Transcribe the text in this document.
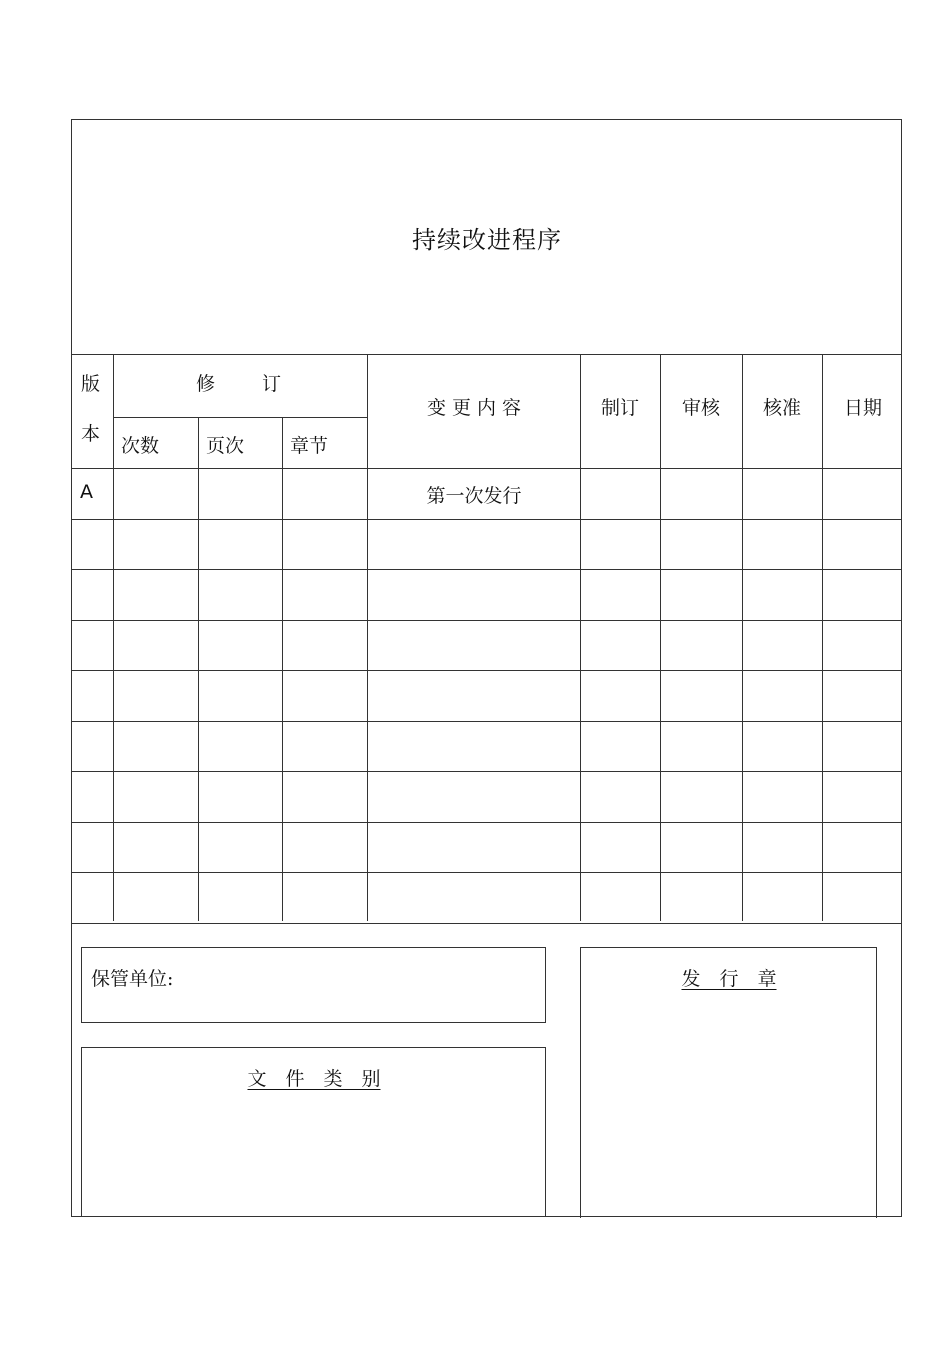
持续改进程序
版
本
修 订
次数 页次 章节
变 更 内 容	制订 审核 核准 日期
A	第一次发行
保管单位:
文　件　类　别
发　行　章
